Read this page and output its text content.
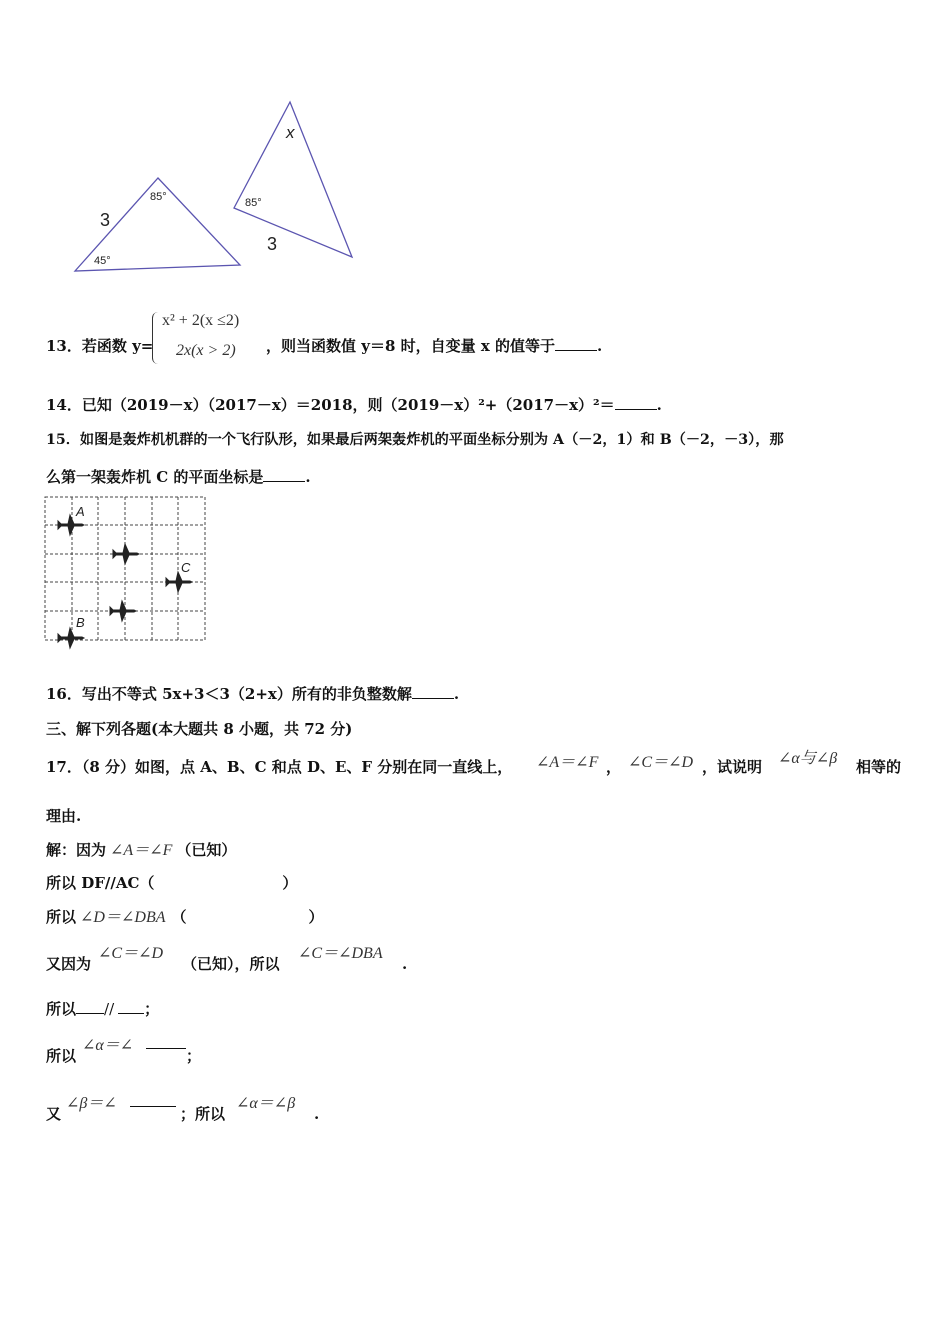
3
85°
45°
x
85°
3
13．若函数 y=
x² + 2(x ≤2)
2x(x > 2) ，则当函数值 y＝8 时，自变量 x 的值等于	.
14．已知（2019－x）（2017－x）＝2018，则（2019－x）²+（2017－x）²＝	.
15．如图是轰炸机机群的一个飞行队形，如果最后两架轰炸机的平面坐标分别为 A（－2，1）和 B（－2，－3），那
么第一架轰炸机 C 的平面坐标是	.
A
C
B
16．写出不等式 5x+3＜3（2+x）所有的非负整数解	.
三、解下列各题(本大题共 8 小题，共 72 分)
17．（8 分）如图，点 A、B、C 和点 D、E、F 分别在同一直线上， ∠A＝∠F ， ∠C＝∠D ，试说明 ∠α与∠β 相等的
理由.
解：因为 ∠A＝∠F （已知）
所以 DF//AC（	）
所以 ∠D＝∠DBA （	）
又因为
∠C＝∠D
（已知），所以
∠C＝∠DBA
.
所以 // ；
所以
∠α＝∠
；
又
∠β＝∠
；所以
∠α＝∠β
.
